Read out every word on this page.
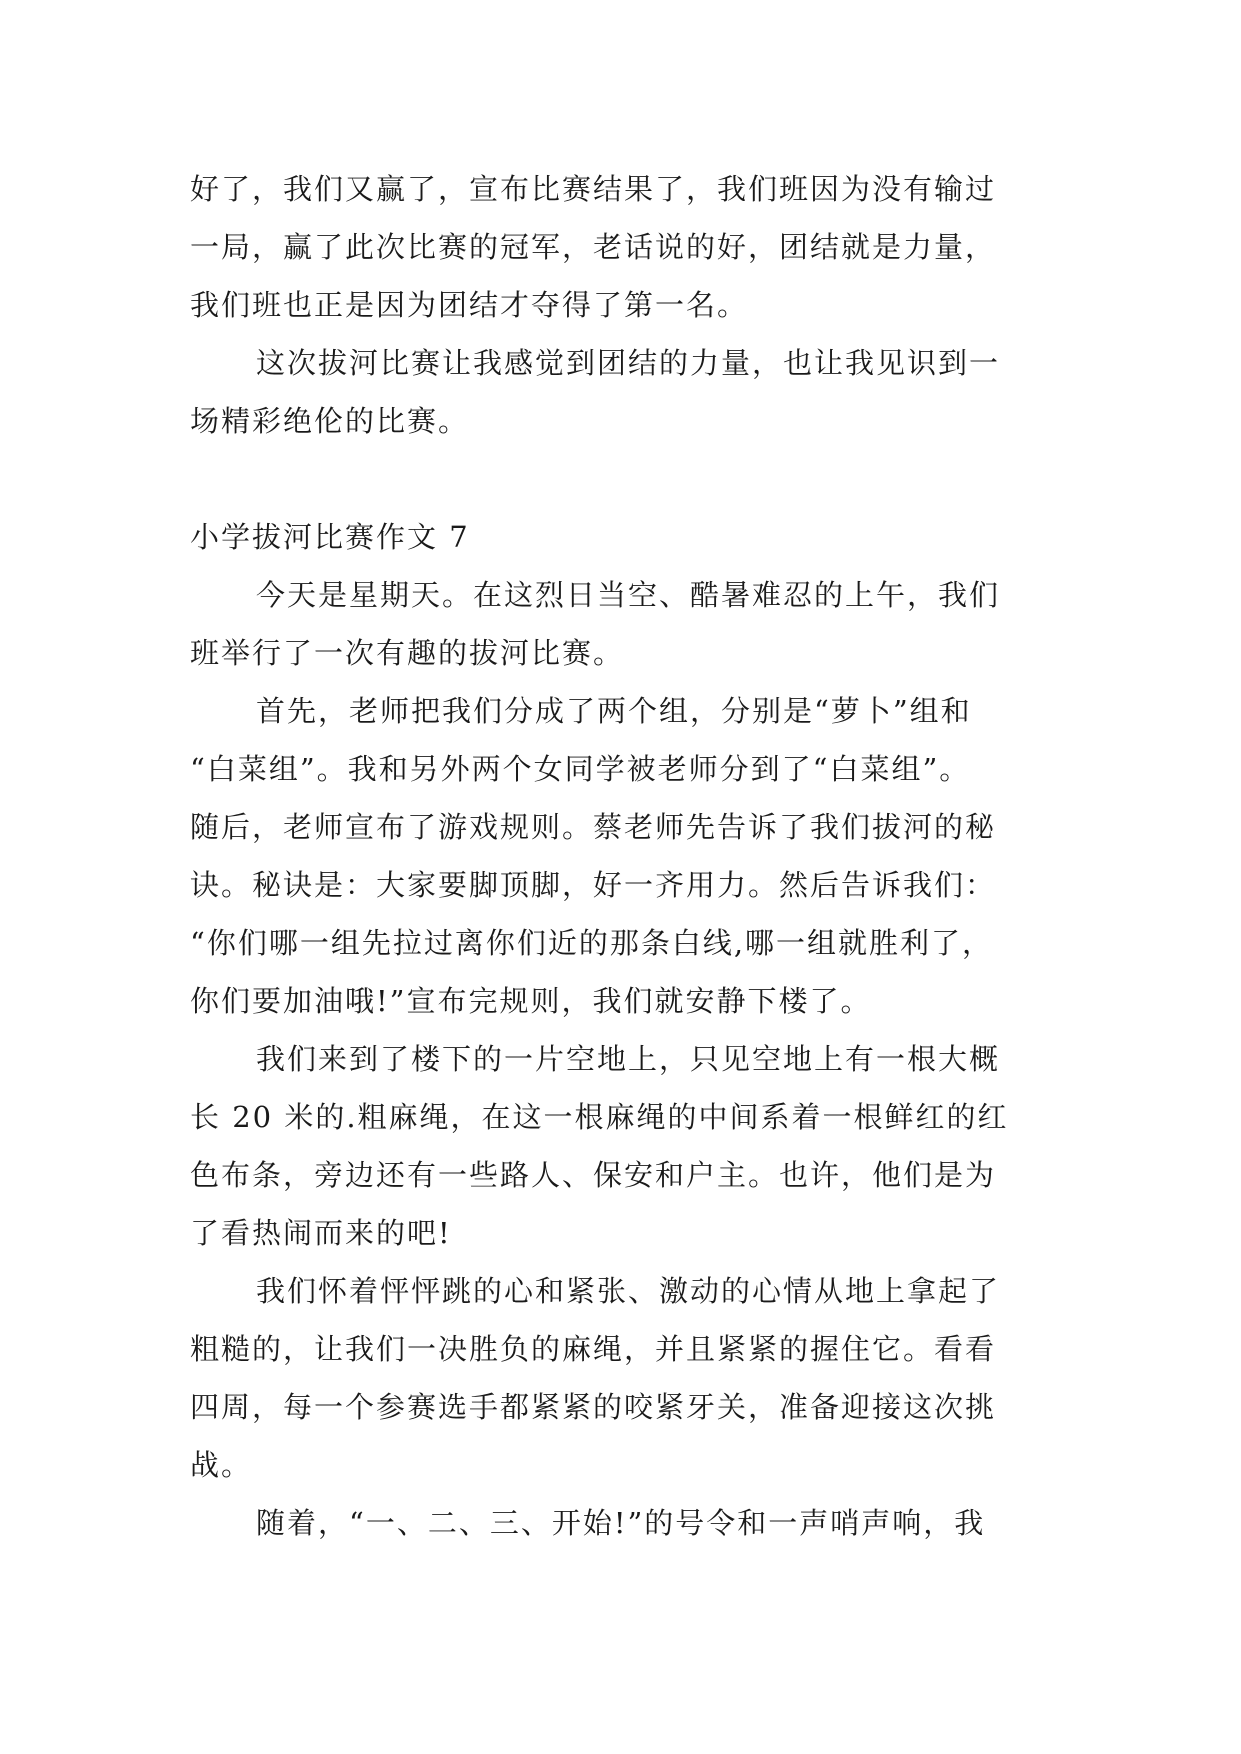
好了，我们又赢了，宣布比赛结果了，我们班因为没有输过
一局，赢了此次比赛的冠军，老话说的好，团结就是力量，
我们班也正是因为团结才夺得了第一名。
这次拔河比赛让我感觉到团结的力量，也让我见识到一
场精彩绝伦的比赛。
小学拔河比赛作文 7
今天是星期天。在这烈日当空、酷暑难忍的上午，我们
班举行了一次有趣的拔河比赛。
首先，老师把我们分成了两个组，分别是“萝卜”组和
“白菜组”。我和另外两个女同学被老师分到了“白菜组”。
随后，老师宣布了游戏规则。蔡老师先告诉了我们拔河的秘
诀。秘诀是：大家要脚顶脚，好一齐用力。然后告诉我们：
“你们哪一组先拉过离你们近的那条白线,哪一组就胜利了，
你们要加油哦!”宣布完规则，我们就安静下楼了。
我们来到了楼下的一片空地上，只见空地上有一根大概
长 20 米的.粗麻绳，在这一根麻绳的中间系着一根鲜红的红
色布条，旁边还有一些路人、保安和户主。也许，他们是为
了看热闹而来的吧!
我们怀着怦怦跳的心和紧张、激动的心情从地上拿起了
粗糙的，让我们一决胜负的麻绳，并且紧紧的握住它。看看
四周，每一个参赛选手都紧紧的咬紧牙关，准备迎接这次挑
战。
随着，“一、二、三、开始!”的号令和一声哨声响，我
